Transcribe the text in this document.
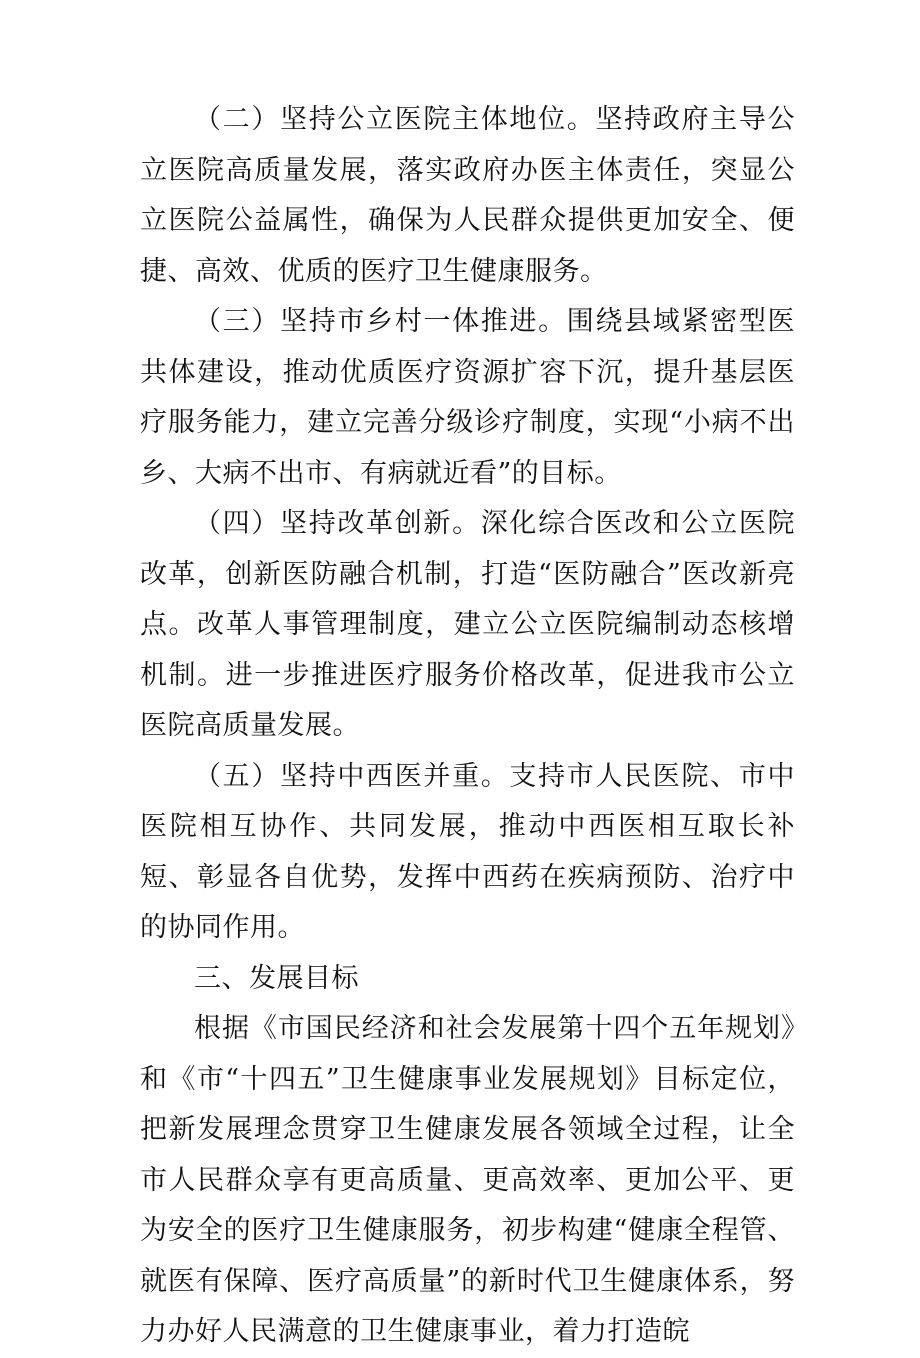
（二）坚持公立医院主体地位。坚持政府主导公立医院高质量发展，落实政府办医主体责任，突显公立医院公益属性，确保为人民群众提供更加安全、便捷、高效、优质的医疗卫生健康服务。

（三）坚持市乡村一体推进。围绕县域紧密型医共体建设，推动优质医疗资源扩容下沉，提升基层医疗服务能力，建立完善分级诊疗制度，实现“小病不出乡、大病不出市、有病就近看”的目标。

（四）坚持改革创新。深化综合医改和公立医院改革，创新医防融合机制，打造“医防融合”医改新亮点。改革人事管理制度，建立公立医院编制动态核增机制。进一步推进医疗服务价格改革，促进我市公立医院高质量发展。

（五）坚持中西医并重。支持市人民医院、市中医院相互协作、共同发展，推动中西医相互取长补短、彰显各自优势，发挥中西药在疾病预防、治疗中的协同作用。

三、发展目标

根据《市国民经济和社会发展第十四个五年规划》和《市“十四五”卫生健康事业发展规划》目标定位，把新发展理念贯穿卫生健康发展各领域全过程，让全市人民群众享有更高质量、更高效率、更加公平、更为安全的医疗卫生健康服务，初步构建“健康全程管、就医有保障、医疗高质量”的新时代卫生健康体系，努力办好人民满意的卫生健康事业，着力打造皖
